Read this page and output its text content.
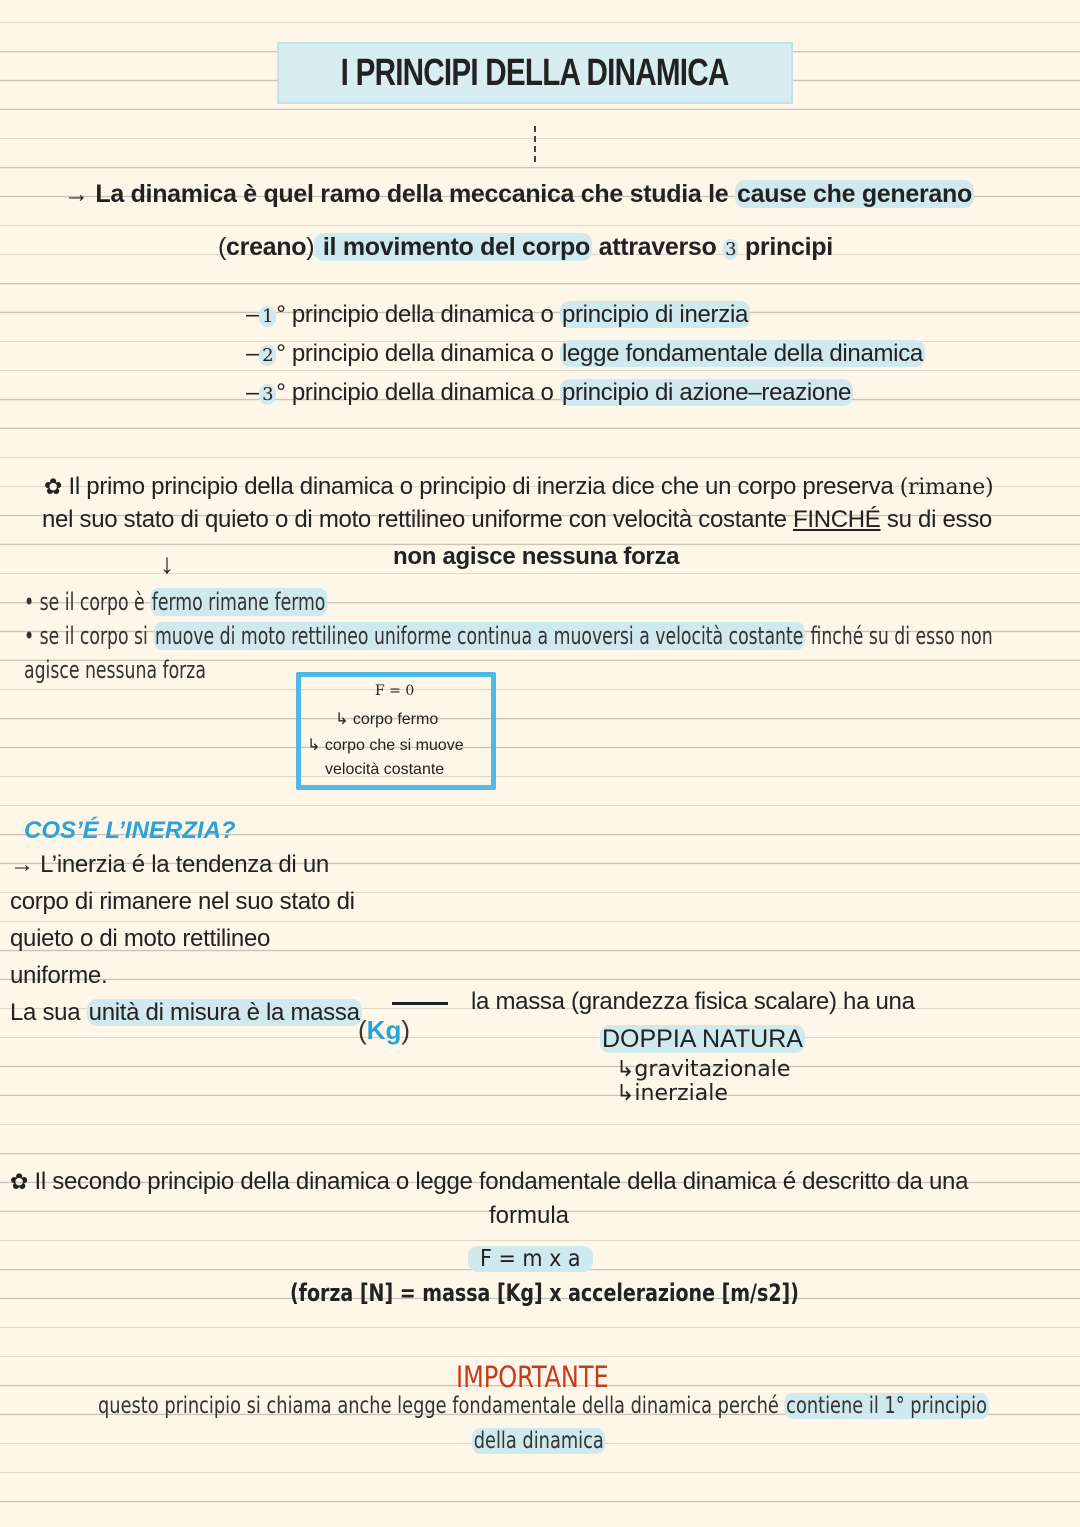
I PRINCIPI DELLA DINAMICA
→ La dinamica è quel ramo della meccanica che studia le cause che generano
(creano) il movimento del corpo attraverso 3 principi
– 1 ° principio della dinamica o principio di inerzia
– 2 ° principio della dinamica o legge fondamentale della dinamica
– 3 ° principio della dinamica o principio di azione–reazione
✿ Il primo principio della dinamica o principio di inerzia dice che un corpo preserva (rimane)
nel suo stato di quieto o di moto rettilineo uniforme con velocità costante FINCHÉ su di esso
↓	non agisce nessuna forza
• se il corpo è fermo rimane fermo
• se il corpo si muove di moto rettilineo uniforme continua a muoversi a velocità costante finché su di esso non
agisce nessuna forza
F = 0
↳ corpo fermo
↳ corpo che si muove
velocità costante
COS’É L’INERZIA?
→ L’inerzia é la tendenza di un
corpo di rimanere nel suo stato di
quieto o di moto rettilineo
uniforme.
La sua unità di misura è la massa
(Kg)
la massa (grandezza fisica scalare) ha una
DOPPIA NATURA
↳gravitazionale
↳inerziale
✿ Il secondo principio della dinamica o legge fondamentale della dinamica é descritto da una
formula
F = m x a
(forza [N] = massa [Kg] x accelerazione [m/s2])
IMPORTANTE
questo principio si chiama anche legge fondamentale della dinamica perché contiene il 1° principio
della dinamica
